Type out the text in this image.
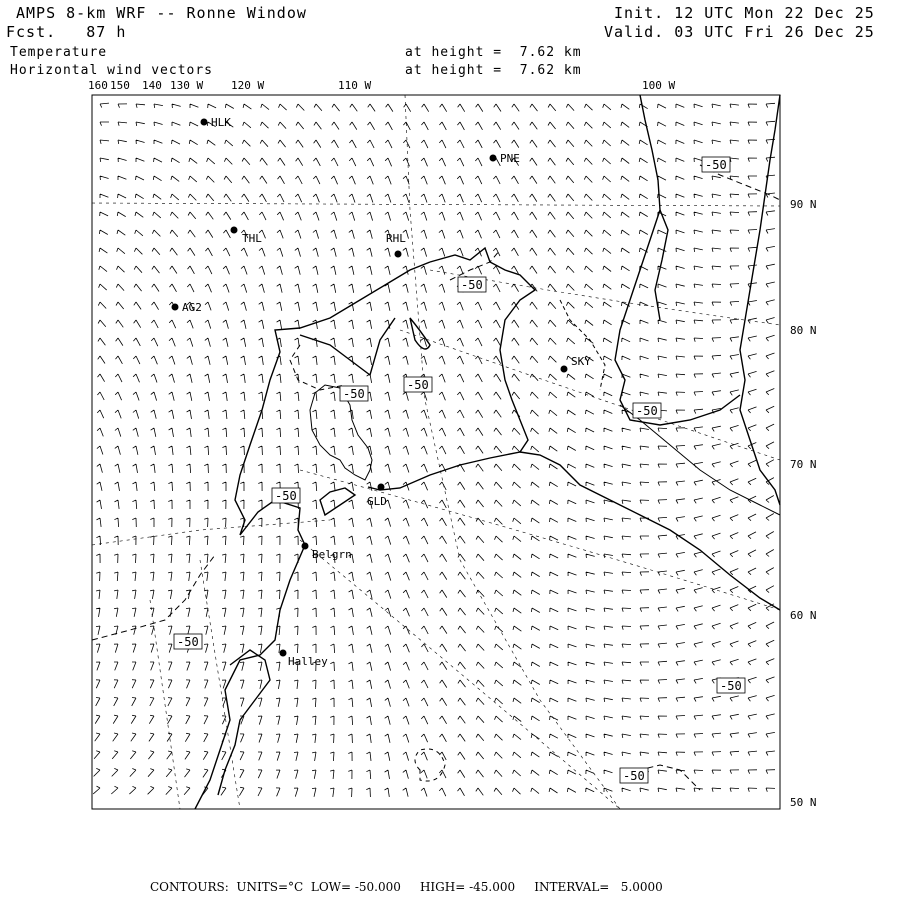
AMPS 8-km WRF -- Ronne Window
Fcst.   87 h
Init. 12 UTC Mon 22 Dec 25
Valid. 03 UTC Fri 26 Dec 25
Temperature
Horizontal wind vectors
at height =  7.62 km
at height =  7.62 km
-50
-50
-50
-50
-50
-50
-50
-50
-50
HLK
PNE
THL	RHL
AG2
SKY
GLD
Belgrn
Halley
160 150 140 130 W	120 W	110 W	100 W
90 N
80 N
70 N
60 N
50 N
CONTOURS:  UNITS=°C  LOW= -50.000     HIGH= -45.000     INTERVAL=   5.0000
